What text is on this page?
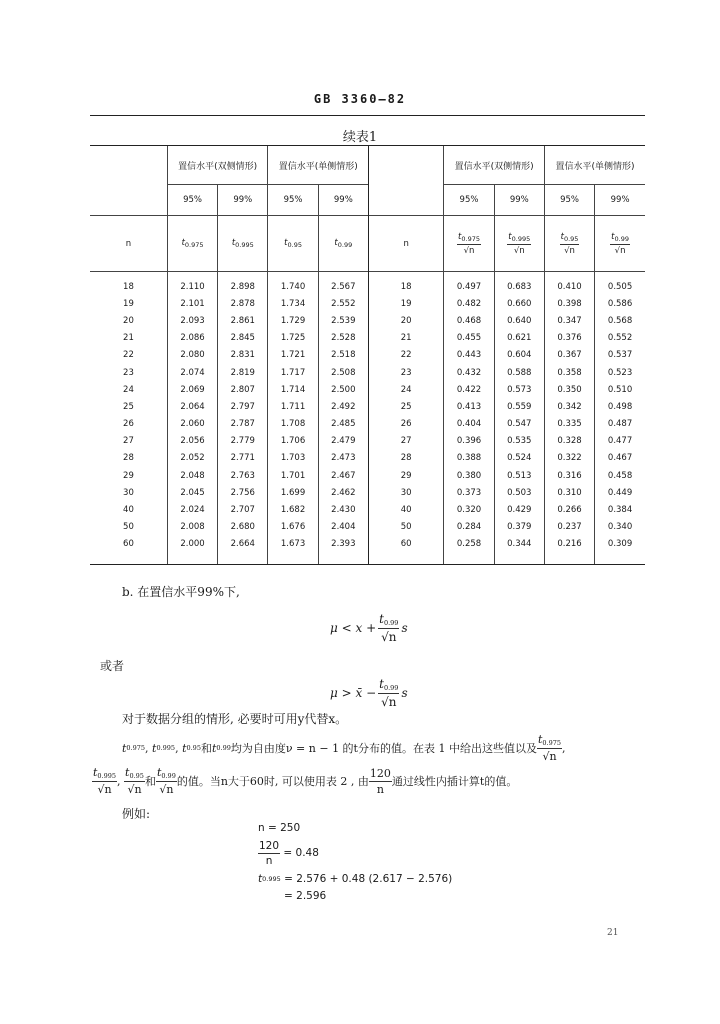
GB 3360—82
续表1
	置信水平(双侧情形)		置信水平(单侧情形)			置信水平(双侧情形)		置信水平(单侧情形)	
	95%	99%	95%	99%		95%	99%	95%	99%
n	$t_{0.975}$	$t_{0.995}$	$t_{0.95}$	$t_{0.99}$	n	$\frac{t_{0.975}}{√n}$	$\frac{t_{0.995}}{√n}$	$\frac{t_{0.95}}{√n}$	$\frac{t_{0.99}}{√n}$

18	2.110	2.898	1.740	2.567	18	0.497	0.683	0.410	0.505
19	2.101	2.878	1.734	2.552	19	0.482	0.660	0.398	0.586
20	2.093	2.861	1.729	2.539	20	0.468	0.640	0.347	0.568
21	2.086	2.845	1.725	2.528	21	0.455	0.621	0.376	0.552
22	2.080	2.831	1.721	2.518	22	0.443	0.604	0.367	0.537
23	2.074	2.819	1.717	2.508	23	0.432	0.588	0.358	0.523
24	2.069	2.807	1.714	2.500	24	0.422	0.573	0.350	0.510
25	2.064	2.797	1.711	2.492	25	0.413	0.559	0.342	0.498
26	2.060	2.787	1.708	2.485	26	0.404	0.547	0.335	0.487
27	2.056	2.779	1.706	2.479	27	0.396	0.535	0.328	0.477
28	2.052	2.771	1.703	2.473	28	0.388	0.524	0.322	0.467
29	2.048	2.763	1.701	2.467	29	0.380	0.513	0.316	0.458
30	2.045	2.756	1.699	2.462	30	0.373	0.503	0.310	0.449
40	2.024	2.707	1.682	2.430	40	0.320	0.429	0.266	0.384
50	2.008	2.680	1.676	2.404	50	0.284	0.379	0.237	0.340
60	2.000	2.664	1.673	2.393	60	0.258	0.344	0.216	0.309

b. 在置信水平99%下,
$\mu < x + \frac{t_{0.99}}{√n}$ s
或者
μ > x̄ − $\frac{t_{0.99}}{√n}$ s
对于数据分组的情形, 必要时可用y代替x。
t 0.975 , t 0.995 , t 0.95 和 t 0.99 均为自由度ν = n − 1 的t分布的值。在表 1 中给出这些值以及 $\frac{t_{0.975}}{√n}$ ,
$\frac{t_{0.995}}{√n}$ , $\frac{t_{0.95}}{√n}$ 和 $\frac{t_{0.99}}{√n}$ 的值。当n大于60时, 可以使用表 2 , 由 $\frac{120}{n}$ 通过线性内插计算t的值。
例如:
n = 250
$\frac{120}{n}$
= 0.48
t 0.995
= 2.576 + 0.48 (2.617 − 2.576)
= 2.596
21
